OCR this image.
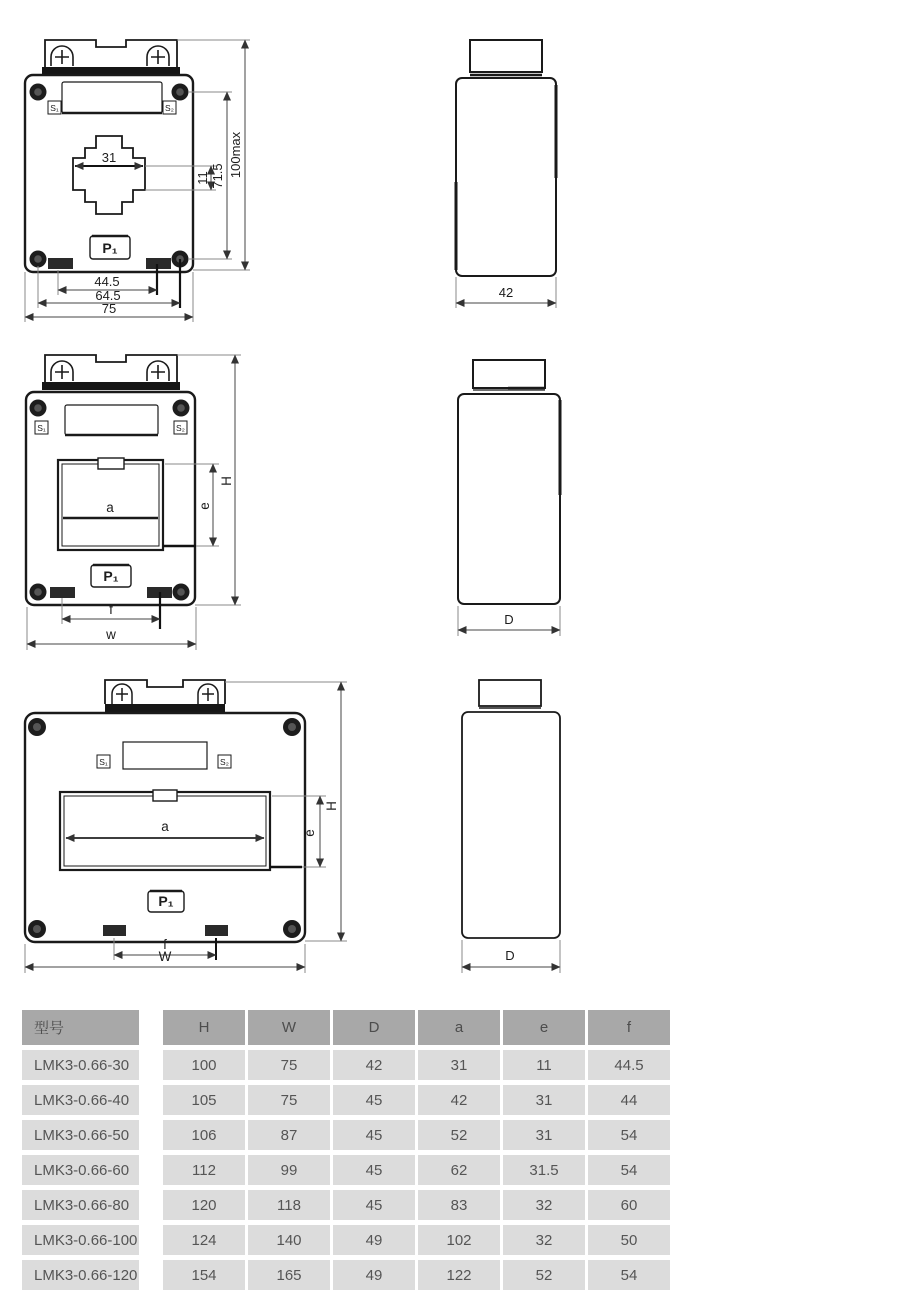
S₁	S₂
P₁
31
11 71.5 100max
44.5
64.5
75
42
S₁	S₂
a
P₁
e
H
f
w
D
S₁	S₂
P₁
a	e
H
f
W	D
型号	H	W	D	a	e	f
LMK3-0.66-30	100	75	42	31	11	44.5
LMK3-0.66-40	105	75	45	42	31	44
LMK3-0.66-50	106	87	45	52	31	54
LMK3-0.66-60	112	99	45	62	31.5	54
LMK3-0.66-80	120	118	45	83	32	60
LMK3-0.66-100	124	140	49	102	32	50
LMK3-0.66-120	154	165	49	122	52	54
